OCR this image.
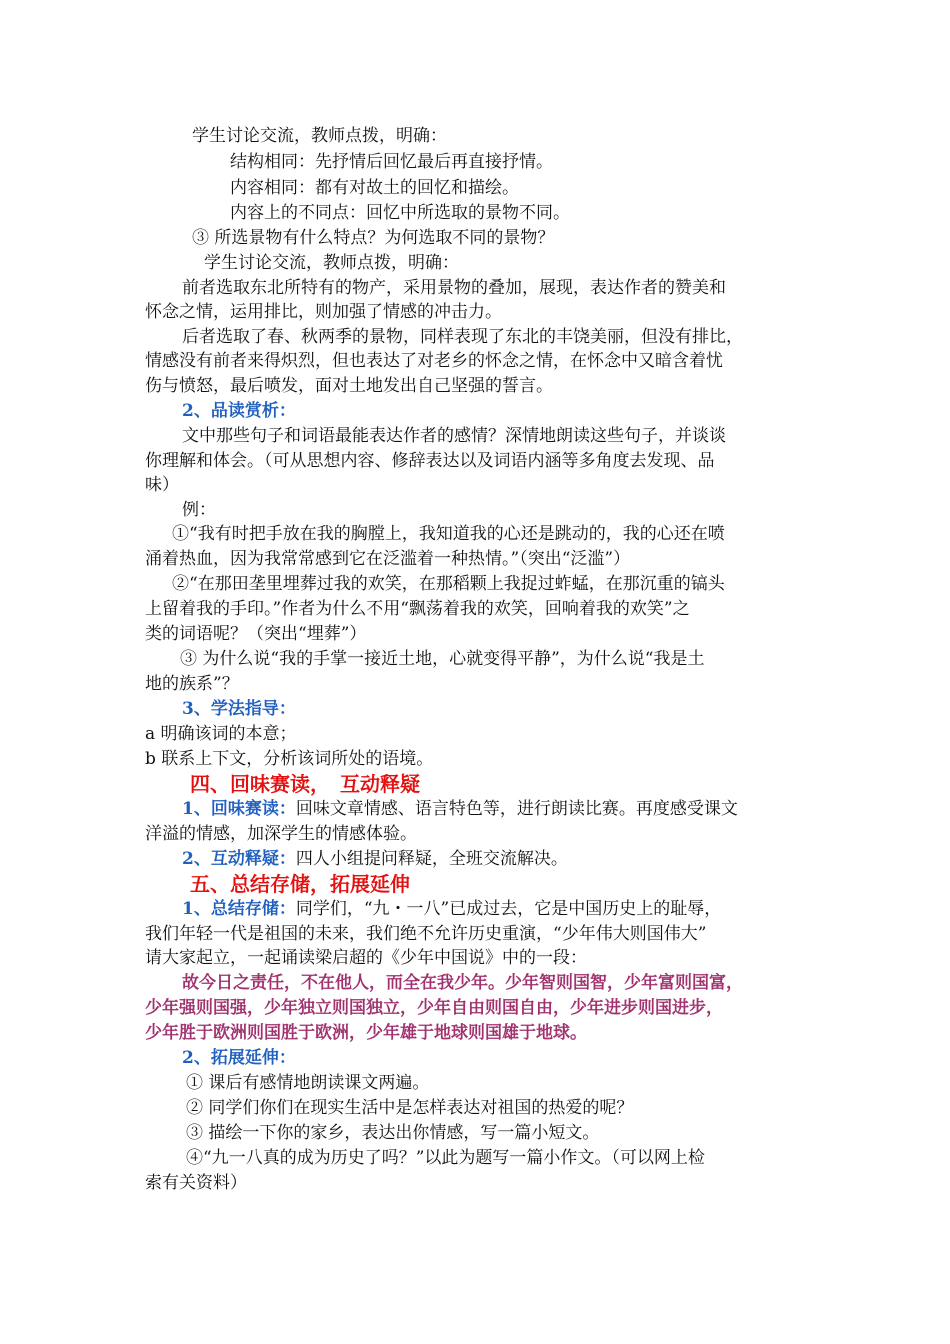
学生讨论交流，教师点拨，明确：
结构相同：先抒情后回忆最后再直接抒情。
内容相同：都有对故土的回忆和描绘。
内容上的不同点：回忆中所选取的景物不同。
③ 所选景物有什么特点？为何选取不同的景物？
学生讨论交流，教师点拨，明确：
前者选取东北所特有的物产，采用景物的叠加，展现，表达作者的赞美和
怀念之情，运用排比，则加强了情感的冲击力。
后者选取了春、秋两季的景物，同样表现了东北的丰饶美丽，但没有排比，
情感没有前者来得炽烈，但也表达了对老乡的怀念之情，在怀念中又暗含着忧
伤与愤怒，最后喷发，面对土地发出自己坚强的誓言。
2、品读赏析：
文中那些句子和词语最能表达作者的感情？深情地朗读这些句子，并谈谈
你理解和体会。（可从思想内容、修辞表达以及词语内涵等多角度去发现、品
味）
例：
①“我有时把手放在我的胸膛上，我知道我的心还是跳动的，我的心还在喷
涌着热血，因为我常常感到它在泛滥着一种热情。”（突出“泛滥”）
②“在那田垄里埋葬过我的欢笑，在那稻颗上我捉过蚱蜢，在那沉重的镐头
上留着我的手印。”作者为什么不用“飘荡着我的欢笑，回响着我的欢笑”之
类的词语呢？（突出“埋葬”）
③ 为什么说“我的手掌一接近土地，心就变得平静”，为什么说“我是土
地的族系”？
3、学法指导：
a 明确该词的本意；
b 联系上下文，分析该词所处的语境。
四、回味赛读，　互动释疑
1、回味赛读：回味文章情感、语言特色等，进行朗读比赛。再度感受课文
洋溢的情感，加深学生的情感体验。
2、互动释疑：四人小组提问释疑，全班交流解决。
五、总结存储，拓展延伸
1、总结存储：同学们，“九・一八”已成过去，它是中国历史上的耻辱，
我们年轻一代是祖国的未来，我们绝不允许历史重演，“少年伟大则国伟大”
请大家起立，一起诵读梁启超的《少年中国说》中的一段：
故今日之责任，不在他人，而全在我少年。少年智则国智，少年富则国富，
少年强则国强，少年独立则国独立，少年自由则国自由，少年进步则国进步，
少年胜于欧洲则国胜于欧洲，少年雄于地球则国雄于地球。
2、拓展延伸：
① 课后有感情地朗读课文两遍。
② 同学们你们在现实生活中是怎样表达对祖国的热爱的呢？
③ 描绘一下你的家乡，表达出你情感，写一篇小短文。
④“九一八真的成为历史了吗？”以此为题写一篇小作文。（可以网上检
索有关资料）
